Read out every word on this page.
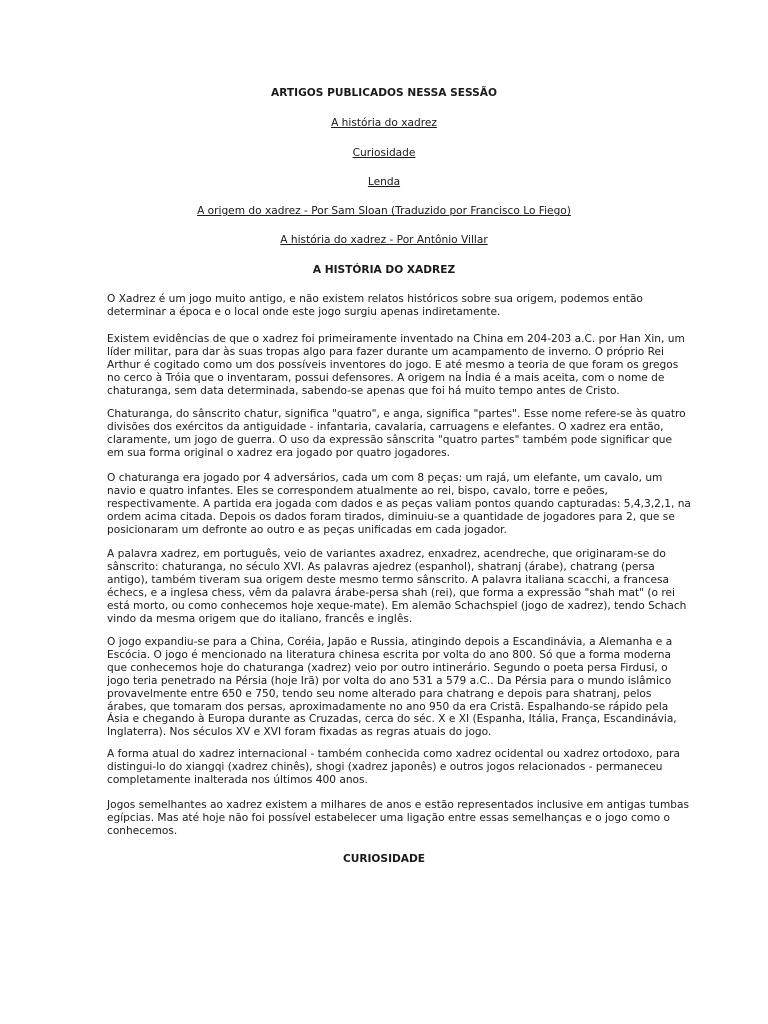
ARTIGOS PUBLICADOS NESSA SESSÃO
A história do xadrez
Curiosidade
Lenda
A origem do xadrez - Por Sam Sloan (Traduzido por Francisco Lo Fiego)
A história do xadrez - Por Antônio Villar
A HISTÓRIA DO XADREZ
O Xadrez é um jogo muito antigo, e não existem relatos históricos sobre sua origem, podemos então
determinar a época e o local onde este jogo surgiu apenas indiretamente.
Existem evidências de que o xadrez foi primeiramente inventado na China em 204-203 a.C. por Han Xin, um
líder militar, para dar às suas tropas algo para fazer durante um acampamento de inverno. O próprio Rei
Arthur é cogitado como um dos possíveis inventores do jogo. E até mesmo a teoria de que foram os gregos
no cerco à Tróia que o inventaram, possui defensores. A origem na Índia é a mais aceita, com o nome de
chaturanga, sem data determinada, sabendo-se apenas que foi há muito tempo antes de Cristo.
Chaturanga, do sânscrito chatur, significa "quatro", e anga, significa "partes". Esse nome refere-se às quatro
divisões dos exércitos da antiguidade - infantaria, cavalaria, carruagens e elefantes. O xadrez era então,
claramente, um jogo de guerra. O uso da expressão sânscrita "quatro partes" também pode significar que
em sua forma original o xadrez era jogado por quatro jogadores.
O chaturanga era jogado por 4 adversários, cada um com 8 peças: um rajá, um elefante, um cavalo, um
navio e quatro infantes. Eles se correspondem atualmente ao rei, bispo, cavalo, torre e peões,
respectivamente. A partida era jogada com dados e as peças valiam pontos quando capturadas: 5,4,3,2,1, na
ordem acima citada. Depois os dados foram tirados, diminuiu-se a quantidade de jogadores para 2, que se
posicionaram um defronte ao outro e as peças unificadas em cada jogador.
A palavra xadrez, em português, veio de variantes axadrez, enxadrez, acendreche, que originaram-se do
sânscrito: chaturanga, no século XVI. As palavras ajedrez (espanhol), shatranj (árabe), chatrang (persa
antigo), também tiveram sua origem deste mesmo termo sânscrito. A palavra italiana scacchi, a francesa
échecs, e a inglesa chess, vêm da palavra árabe-persa shah (rei), que forma a expressão "shah mat" (o rei
está morto, ou como conhecemos hoje xeque-mate). Em alemão Schachspiel (jogo de xadrez), tendo Schach
vindo da mesma origem que do italiano, francês e inglês.
O jogo expandiu-se para a China, Coréia, Japão e Russia, atingindo depois a Escandinávia, a Alemanha e a
Escócia. O jogo é mencionado na literatura chinesa escrita por volta do ano 800. Só que a forma moderna
que conhecemos hoje do chaturanga (xadrez) veio por outro intinerário. Segundo o poeta persa Firdusi, o
jogo teria penetrado na Pérsia (hoje Irã) por volta do ano 531 a 579 a.C.. Da Pérsia para o mundo islâmico
provavelmente entre 650 e 750, tendo seu nome alterado para chatrang e depois para shatranj, pelos
árabes, que tomaram dos persas, aproximadamente no ano 950 da era Cristã. Espalhando-se rápido pela
Ásia e chegando à Europa durante as Cruzadas, cerca do séc. X e XI (Espanha, Itália, França, Escandinávia,
Inglaterra). Nos séculos XV e XVI foram fixadas as regras atuais do jogo.
A forma atual do xadrez internacional - também conhecida como xadrez ocidental ou xadrez ortodoxo, para
distingui-lo do xiangqi (xadrez chinês), shogi (xadrez japonês) e outros jogos relacionados - permaneceu
completamente inalterada nos últimos 400 anos.
Jogos semelhantes ao xadrez existem a milhares de anos e estão representados inclusive em antigas tumbas
egípcias. Mas até hoje não foi possível estabelecer uma ligação entre essas semelhanças e o jogo como o
conhecemos.
CURIOSIDADE
